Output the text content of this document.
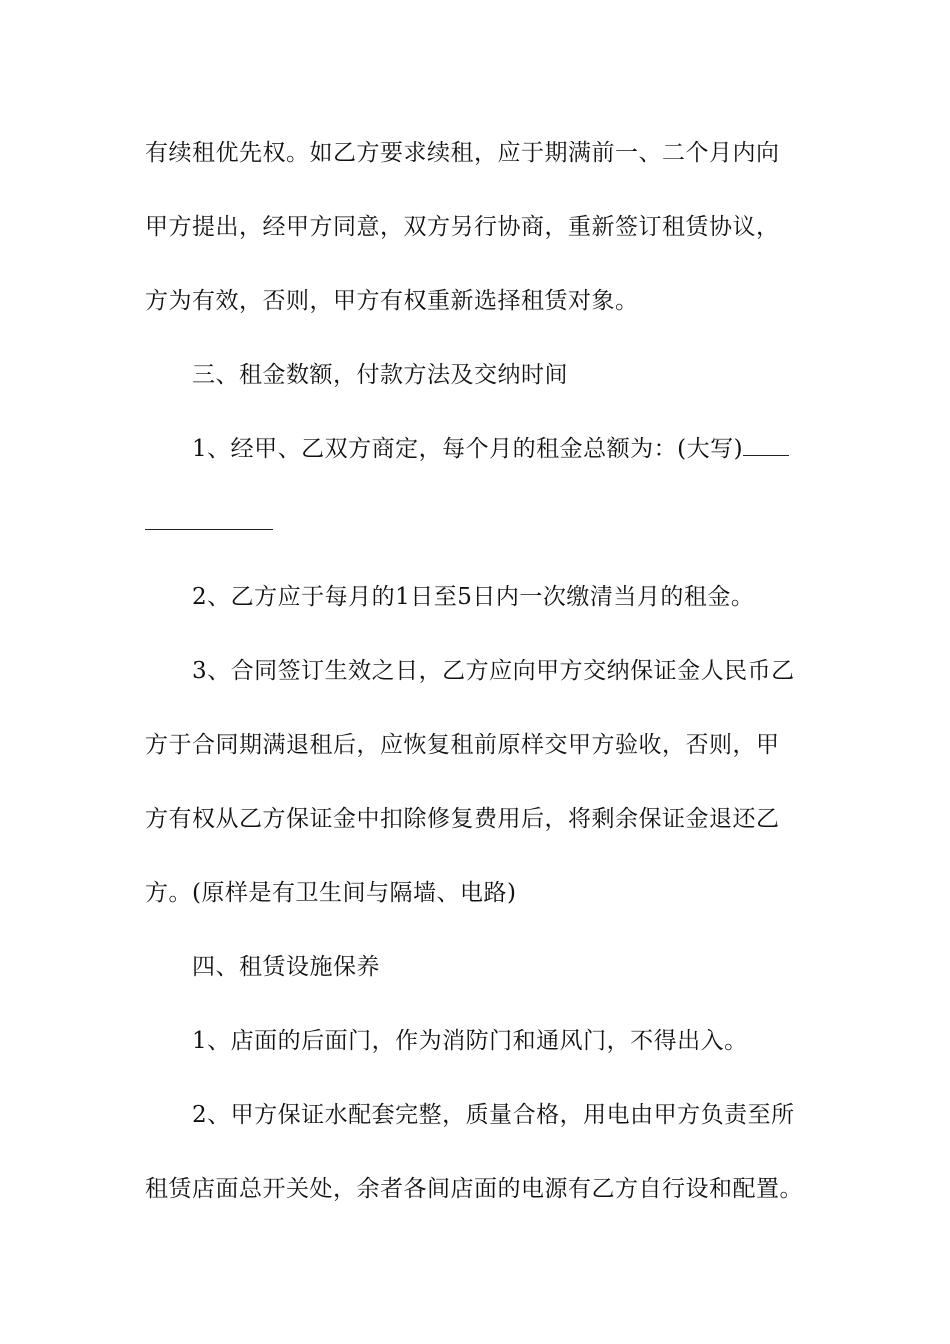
有续租优先权。如乙方要求续租，应于期满前一、二个月内向
甲方提出，经甲方同意，双方另行协商，重新签订租赁协议，
方为有效，否则，甲方有权重新选择租赁对象。
三、租金数额，付款方法及交纳时间
1、经甲、乙双方商定，每个月的租金总额为：(大写)
2、乙方应于每月的1日至5日内一次缴清当月的租金。
3、合同签订生效之日，乙方应向甲方交纳保证金人民币乙
方于合同期满退租后，应恢复租前原样交甲方验收，否则，甲
方有权从乙方保证金中扣除修复费用后，将剩余保证金退还乙
方。(原样是有卫生间与隔墙、电路)
四、租赁设施保养
1、店面的后面门，作为消防门和通风门，不得出入。
2、甲方保证水配套完整，质量合格，用电由甲方负责至所
租赁店面总开关处，余者各间店面的电源有乙方自行设和配置。
